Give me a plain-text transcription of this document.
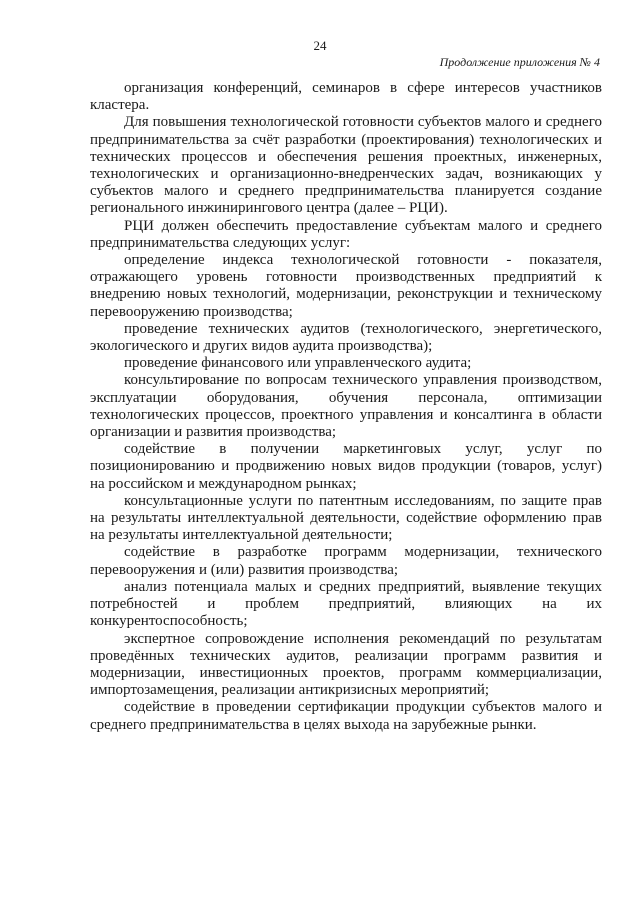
24
Продолжение приложения № 4

организация конференций, семинаров в сфере интересов участников кластера.

Для повышения технологической готовности субъектов малого и среднего предпринимательства за счёт разработки (проектирования) технологических и технических процессов и обеспечения решения проектных, инженерных, технологических и организационно-внедренческих задач, возникающих у субъектов малого и среднего предпринимательства планируется создание регионального инжинирингового центра (далее – РЦИ).

РЦИ должен обеспечить предоставление субъектам малого и среднего предпринимательства следующих услуг:

определение индекса технологической готовности - показателя, отражающего уровень готовности производственных предприятий к внедрению новых технологий, модернизации, реконструкции и техническому перевооружению производства;

проведение технических аудитов (технологического, энергетического, экологического и других видов аудита производства);

проведение финансового или управленческого аудита;

консультирование по вопросам технического управления производством, эксплуатации оборудования, обучения персонала, оптимизации технологических процессов, проектного управления и консалтинга в области организации и развития производства;

содействие в получении маркетинговых услуг, услуг по позиционированию и продвижению новых видов продукции (товаров, услуг) на российском и международном рынках;

консультационные услуги по патентным исследованиям, по защите прав на результаты интеллектуальной деятельности, содействие оформлению прав на результаты интеллектуальной деятельности;

содействие в разработке программ модернизации, технического перевооружения и (или) развития производства;

анализ потенциала малых и средних предприятий, выявление текущих потребностей и проблем предприятий, влияющих на их конкурентоспособность;

экспертное сопровождение исполнения рекомендаций по результатам проведённых технических аудитов, реализации программ развития и модернизации, инвестиционных проектов, программ коммерциализации, импортозамещения, реализации антикризисных мероприятий;

содействие в проведении сертификации продукции субъектов малого и среднего предпринимательства в целях выхода на зарубежные рынки.
